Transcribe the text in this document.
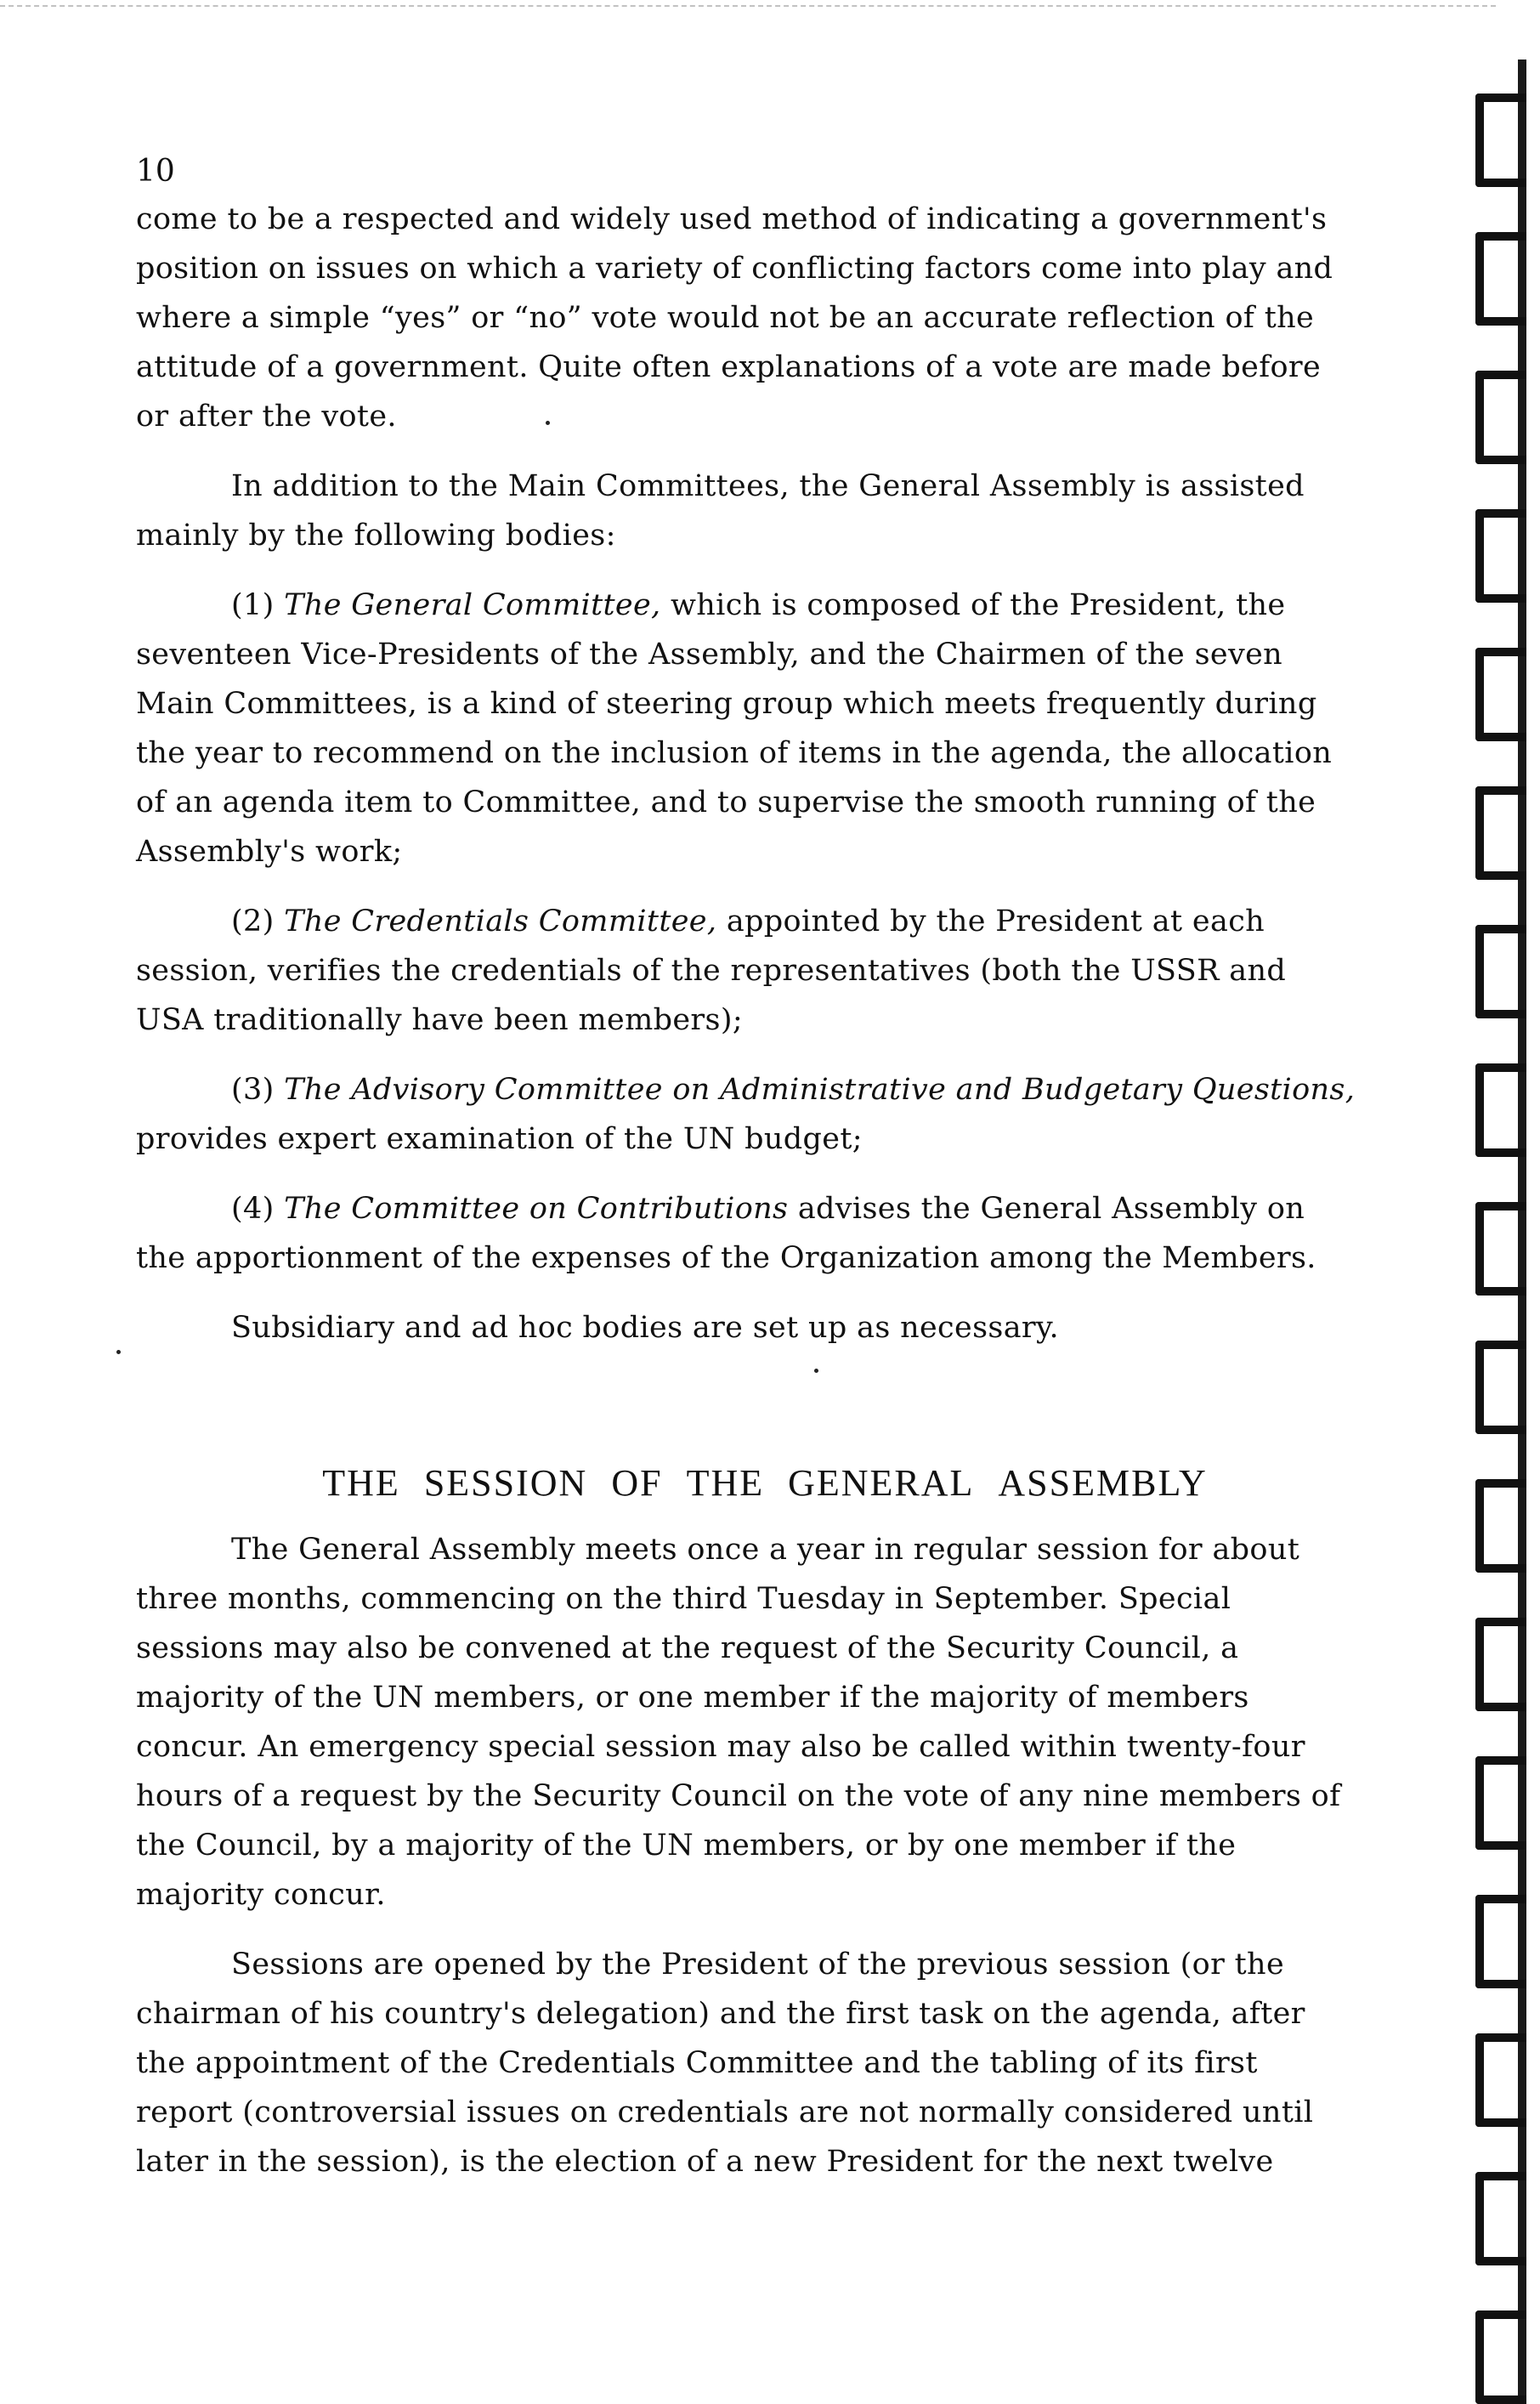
10

come to be a respected and widely used method of indicating a government's position on issues on which a variety of conflicting factors come into play and where a simple “yes” or “no” vote would not be an accurate reflection of the attitude of a government. Quite often explanations of a vote are made before or after the vote.

In addition to the Main Committees, the General Assembly is assisted mainly by the following bodies:

(1) The General Committee, which is composed of the President, the seventeen Vice-Presidents of the Assembly, and the Chairmen of the seven Main Committees, is a kind of steering group which meets frequently during the year to recommend on the inclusion of items in the agenda, the allocation of an agenda item to Committee, and to supervise the smooth running of the Assembly's work;

(2) The Credentials Committee, appointed by the President at each session, verifies the credentials of the representatives (both the USSR and USA traditionally have been members);

(3) The Advisory Committee on Administrative and Budgetary Questions, provides expert examination of the UN budget;

(4) The Committee on Contributions advises the General Assembly on the apportionment of the expenses of the Organization among the Members.

Subsidiary and ad hoc bodies are set up as necessary.

THE SESSION OF THE GENERAL ASSEMBLY

The General Assembly meets once a year in regular session for about three months, commencing on the third Tuesday in September. Special sessions may also be convened at the request of the Security Council, a majority of the UN members, or one member if the majority of members concur. An emergency special session may also be called within twenty-four hours of a request by the Security Council on the vote of any nine members of the Council, by a majority of the UN members, or by one member if the majority concur.

Sessions are opened by the President of the previous session (or the chairman of his country's delegation) and the first task on the agenda, after the appointment of the Credentials Committee and the tabling of its first report (controversial issues on credentials are not normally considered until later in the session), is the election of a new President for the next twelve
